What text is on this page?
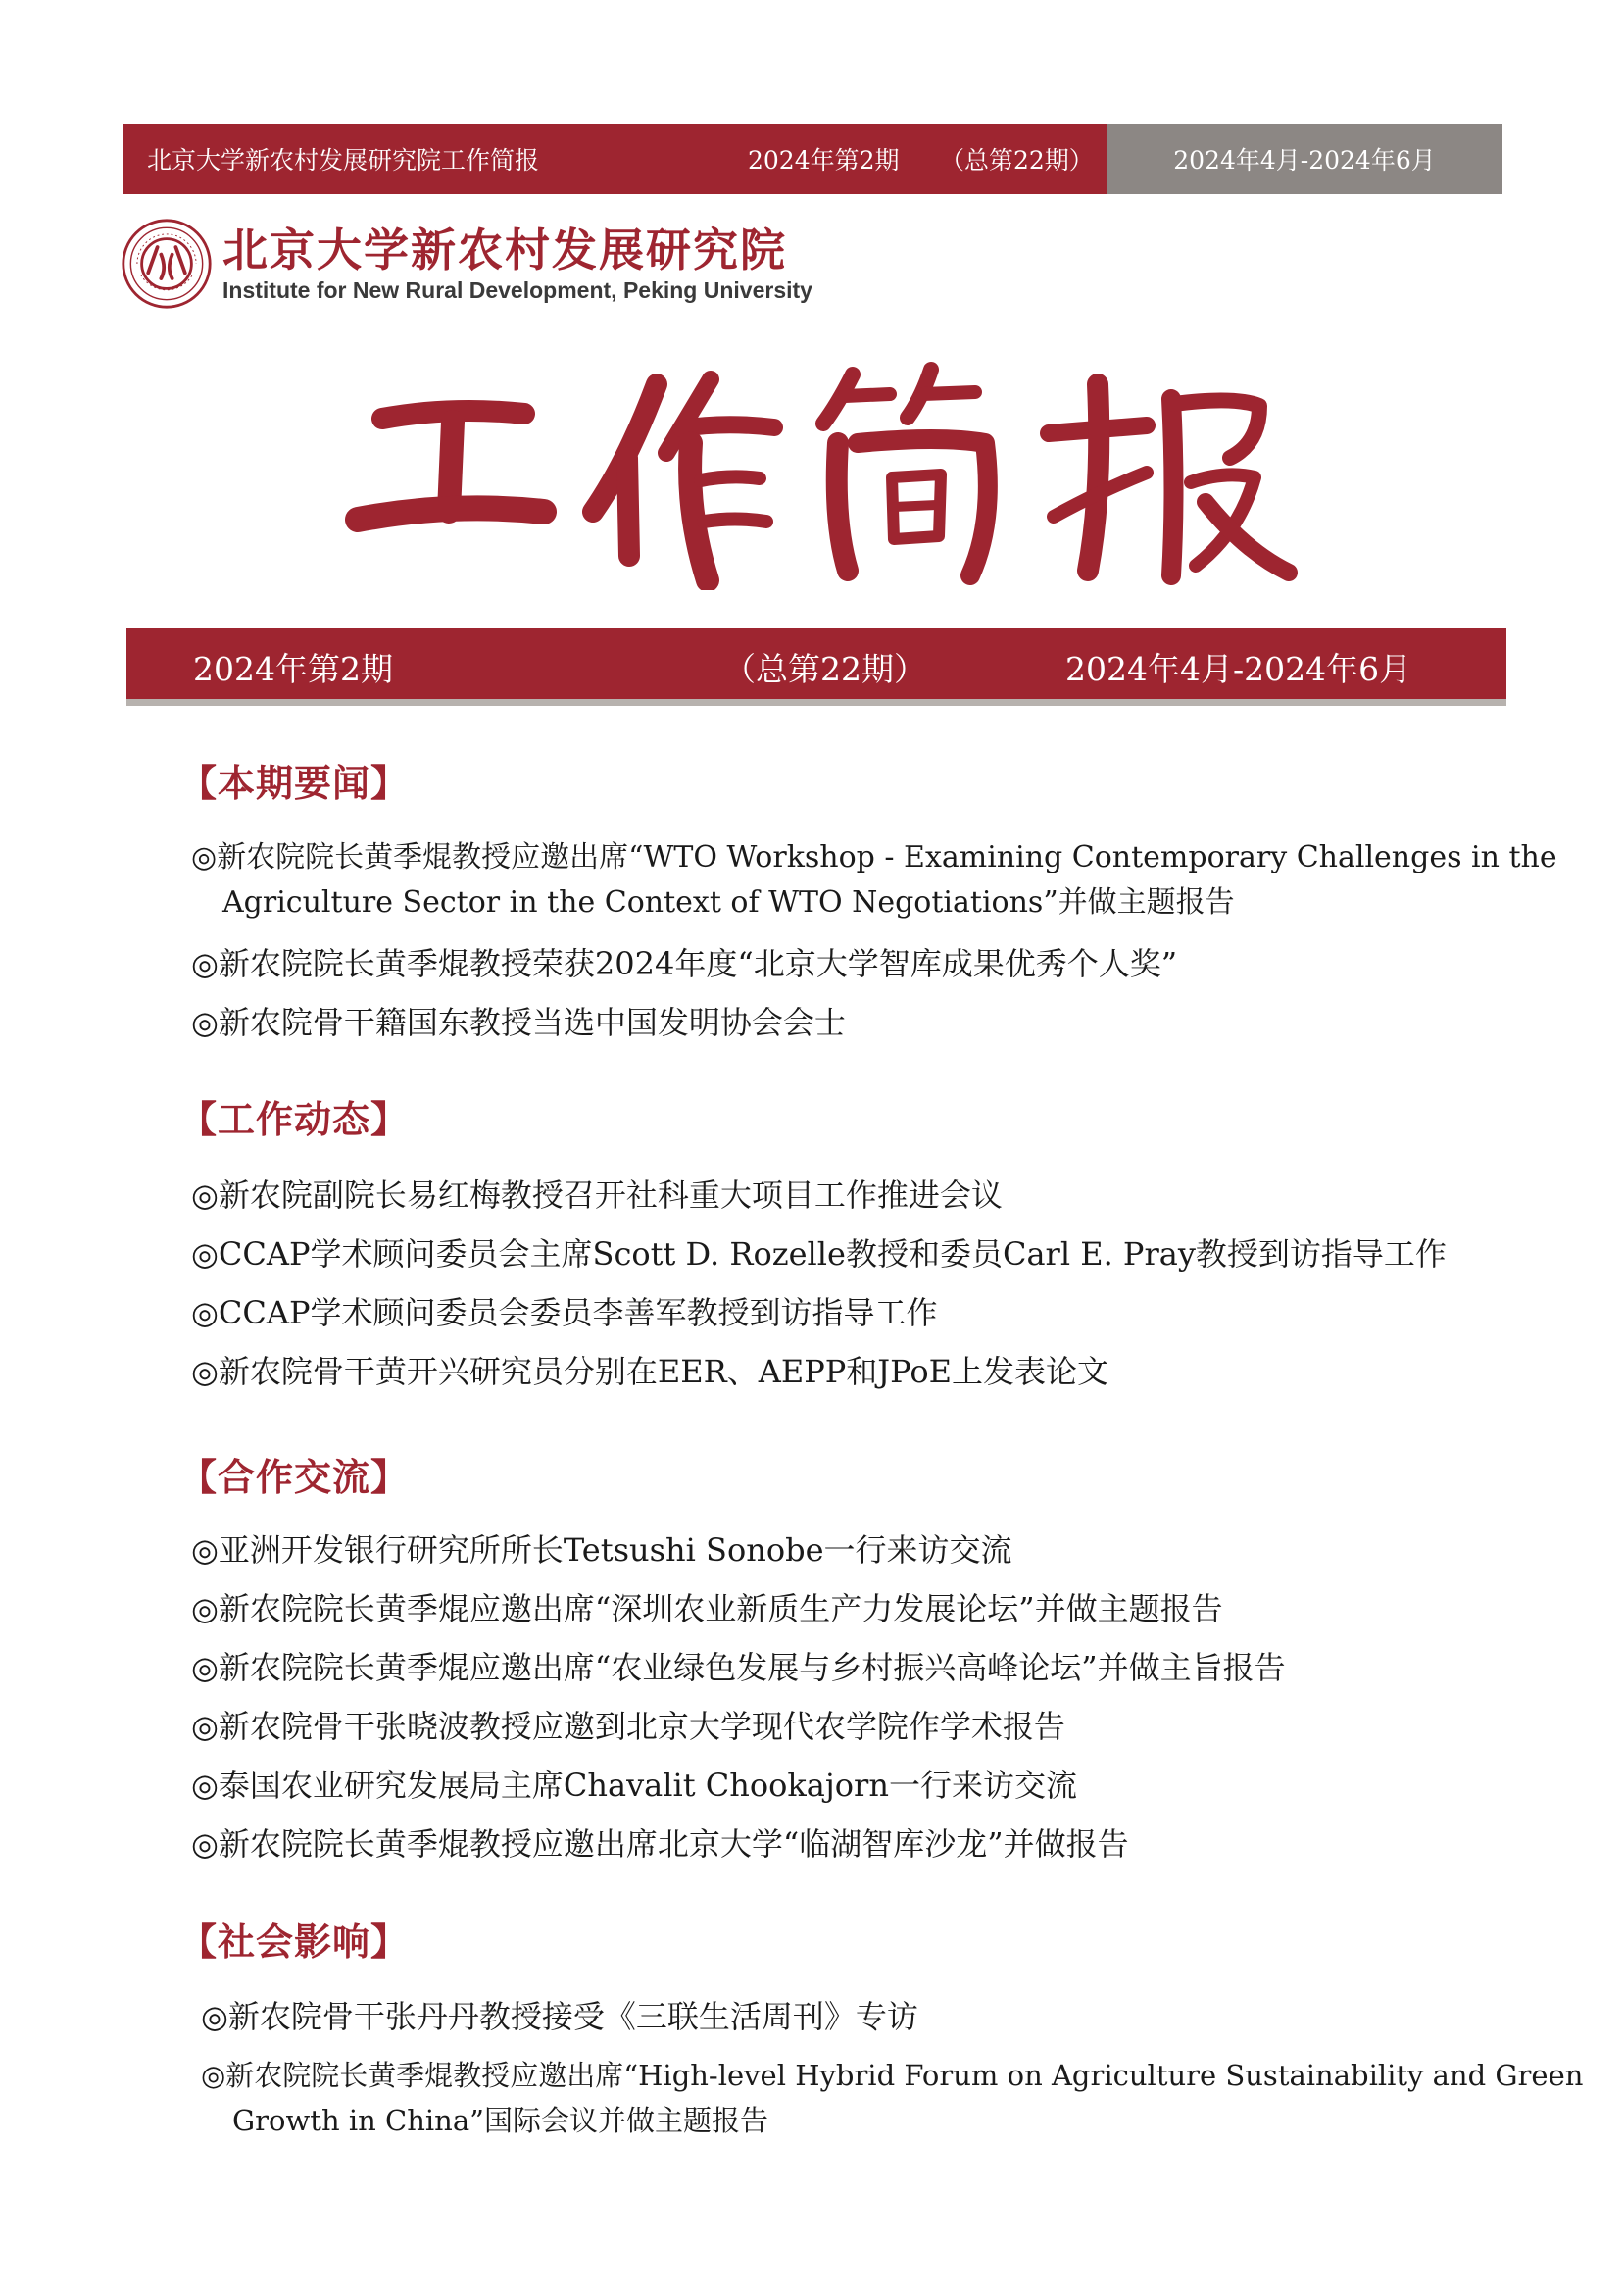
北京大学新农村发展研究院工作简报	2024年第2期	（总第22期）	2024年4月-2024年6月
北京大学新农村发展研究院
Institute for New Rural Development, Peking University
2024年第2期	（总第22期）	2024年4月-2024年6月
【本期要闻】
◎新农院院长黄季焜教授应邀出席“WTO Workshop - Examining Contemporary Challenges in the
Agriculture Sector in the Context of WTO Negotiations”并做主题报告
◎新农院院长黄季焜教授荣获2024年度“北京大学智库成果优秀个人奖”
◎新农院骨干籍国东教授当选中国发明协会会士
【工作动态】
◎新农院副院长易红梅教授召开社科重大项目工作推进会议
◎CCAP学术顾问委员会主席Scott D. Rozelle教授和委员Carl E. Pray教授到访指导工作
◎CCAP学术顾问委员会委员李善军教授到访指导工作
◎新农院骨干黄开兴研究员分别在EER、AEPP和JPoE上发表论文
【合作交流】
◎亚洲开发银行研究所所长Tetsushi Sonobe一行来访交流
◎新农院院长黄季焜应邀出席“深圳农业新质生产力发展论坛”并做主题报告
◎新农院院长黄季焜应邀出席“农业绿色发展与乡村振兴高峰论坛”并做主旨报告
◎新农院骨干张晓波教授应邀到北京大学现代农学院作学术报告
◎泰国农业研究发展局主席Chavalit Chookajorn一行来访交流
◎新农院院长黄季焜教授应邀出席北京大学“临湖智库沙龙”并做报告
【社会影响】
◎新农院骨干张丹丹教授接受《三联生活周刊》专访
◎新农院院长黄季焜教授应邀出席“High-level Hybrid Forum on Agriculture Sustainability and Green
Growth in China”国际会议并做主题报告
